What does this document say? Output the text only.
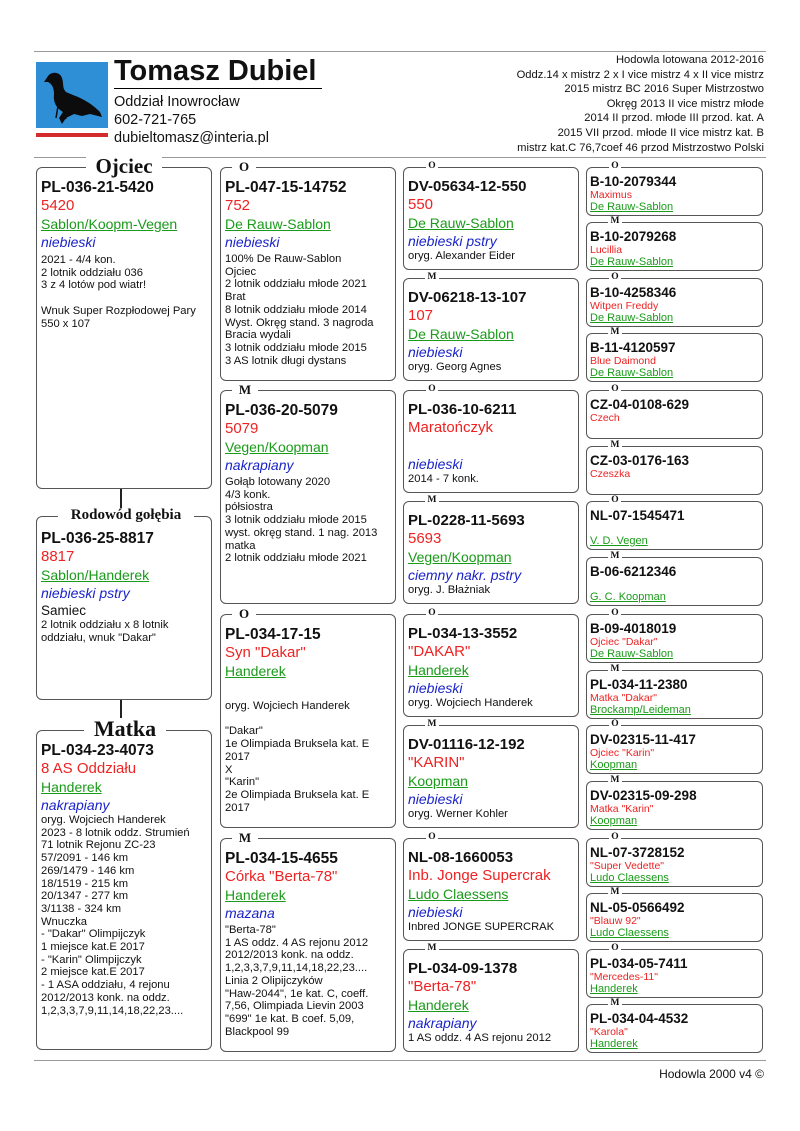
Tomasz Dubiel
Oddział Inowrocław
602-721-765
dubieltomasz@interia.pl
Hodowla lotowana 2012-2016
Oddz.14 x mistrz 2 x I vice mistrz 4 x II vice mistrz
2015 mistrz BC 2016 Super Mistrzostwo
Okręg 2013 II vice mistrz młode
2014 II przod. młode III przod. kat. A
2015 VII przod. młode II vice mistrz kat. B
mistrz kat.C 76,7coef 46 przod Mistrzostwo Polski
PL-036-21-5420
5420
Sablon/Koopm-Vegen
niebieski
2021 - 4/4 kon.
2 lotnik oddziału 036
3 z 4 lotów pod wiatr!

Wnuk Super Rozpłodowej Pary
550 x 107
Ojciec
PL-036-25-8817
8817
Sablon/Handerek
niebieski pstry
Samiec
2 lotnik oddziału x 8 lotnik
oddziału, wnuk "Dakar"
Rodowód gołębia
PL-034-23-4073
8 AS Oddziału
Handerek
nakrapiany
oryg. Wojciech Handerek
2023 - 8 lotnik oddz. Strumień
71 lotnik Rejonu ZC-23
57/2091 - 146 km
269/1479 - 146 km
18/1519 - 215 km
20/1347 - 277 km
3/1138 - 324 km
Wnuczka
- "Dakar" Olimpijczyk
1 miejsce kat.E 2017
- "Karin" Olimpijczyk
2 miejsce kat.E 2017
- 1 ASA oddziału, 4 rejonu
2012/2013 konk. na oddz.
1,2,3,3,7,9,11,14,18,22,23....
Matka
PL-047-15-14752
752
De Rauw-Sablon
niebieski
100% De Rauw-Sablon
Ojciec
2 lotnik oddziału młode 2021
Brat
8 lotnik oddziału młode 2014
Wyst. Okręg stand. 3 nagroda
Bracia wydali
3 lotnik oddziału młode 2015
3 AS lotnik długi dystans
O
PL-036-20-5079
5079
Vegen/Koopman
nakrapiany
Gołąb lotowany 2020
4/3 konk.
półsiostra
3 lotnik oddziału młode 2015
wyst. okręg stand. 1 nag. 2013
matka
2 lotnik oddziału młode 2021
M
PL-034-17-15
Syn "Dakar"
Handerek
oryg. Wojciech Handerek

"Dakar"
1e Olimpiada Bruksela kat. E
2017
X
"Karin"
2e Olimpiada Bruksela kat. E
2017
O
PL-034-15-4655
Córka "Berta-78"
Handerek
mazana
"Berta-78"
1 AS oddz. 4 AS rejonu 2012
2012/2013 konk. na oddz.
1,2,3,3,7,9,11,14,18,22,23....
Linia 2 Olipijczyków
"Haw-2044", 1e kat. C, coeff.
7,56, Olimpiada Lievin 2003
"699" 1e kat. B coef. 5,09,
Blackpool 99
M
DV-05634-12-550
550
De Rauw-Sablon
niebieski pstry
oryg. Alexander Eider
O
DV-06218-13-107
107
De Rauw-Sablon
niebieski
oryg. Georg Agnes
M
PL-036-10-6211
Maratończyk
niebieski
2014 - 7 konk.
O
PL-0228-11-5693
5693
Vegen/Koopman
ciemny nakr. pstry
oryg. J. Błażniak
M
PL-034-13-3552
"DAKAR"
Handerek
niebieski
oryg. Wojciech Handerek
O
DV-01116-12-192
"KARIN"
Koopman
niebieski
oryg. Werner Kohler
M
NL-08-1660053
Inb. Jonge Supercrak
Ludo Claessens
niebieski
Inbred JONGE SUPERCRAK
O
PL-034-09-1378
"Berta-78"
Handerek
nakrapiany
1 AS oddz. 4 AS rejonu 2012
M
B-10-2079344
Maximus
De Rauw-Sablon
O
B-10-2079268
Lucillia
De Rauw-Sablon
M
B-10-4258346
Witpen Freddy
De Rauw-Sablon
O
B-11-4120597
Blue Daimond
De Rauw-Sablon
M
CZ-04-0108-629
Czech
O
CZ-03-0176-163
Czeszka
M
NL-07-1545471
V. D. Vegen
O
B-06-6212346
G. C. Koopman
M
B-09-4018019
Ojciec "Dakar"
De Rauw-Sablon
O
PL-034-11-2380
Matka "Dakar"
Brockamp/Leideman
M
DV-02315-11-417
Ojciec "Karin"
Koopman
O
DV-02315-09-298
Matka "Karin"
Koopman
M
NL-07-3728152
"Super Vedette"
Ludo Claessens
O
NL-05-0566492
"Blauw 92"
Ludo Claessens
M
PL-034-05-7411
"Mercedes-11"
Handerek
O
PL-034-04-4532
"Karola"
Handerek
M
Hodowla 2000 v4 ©
